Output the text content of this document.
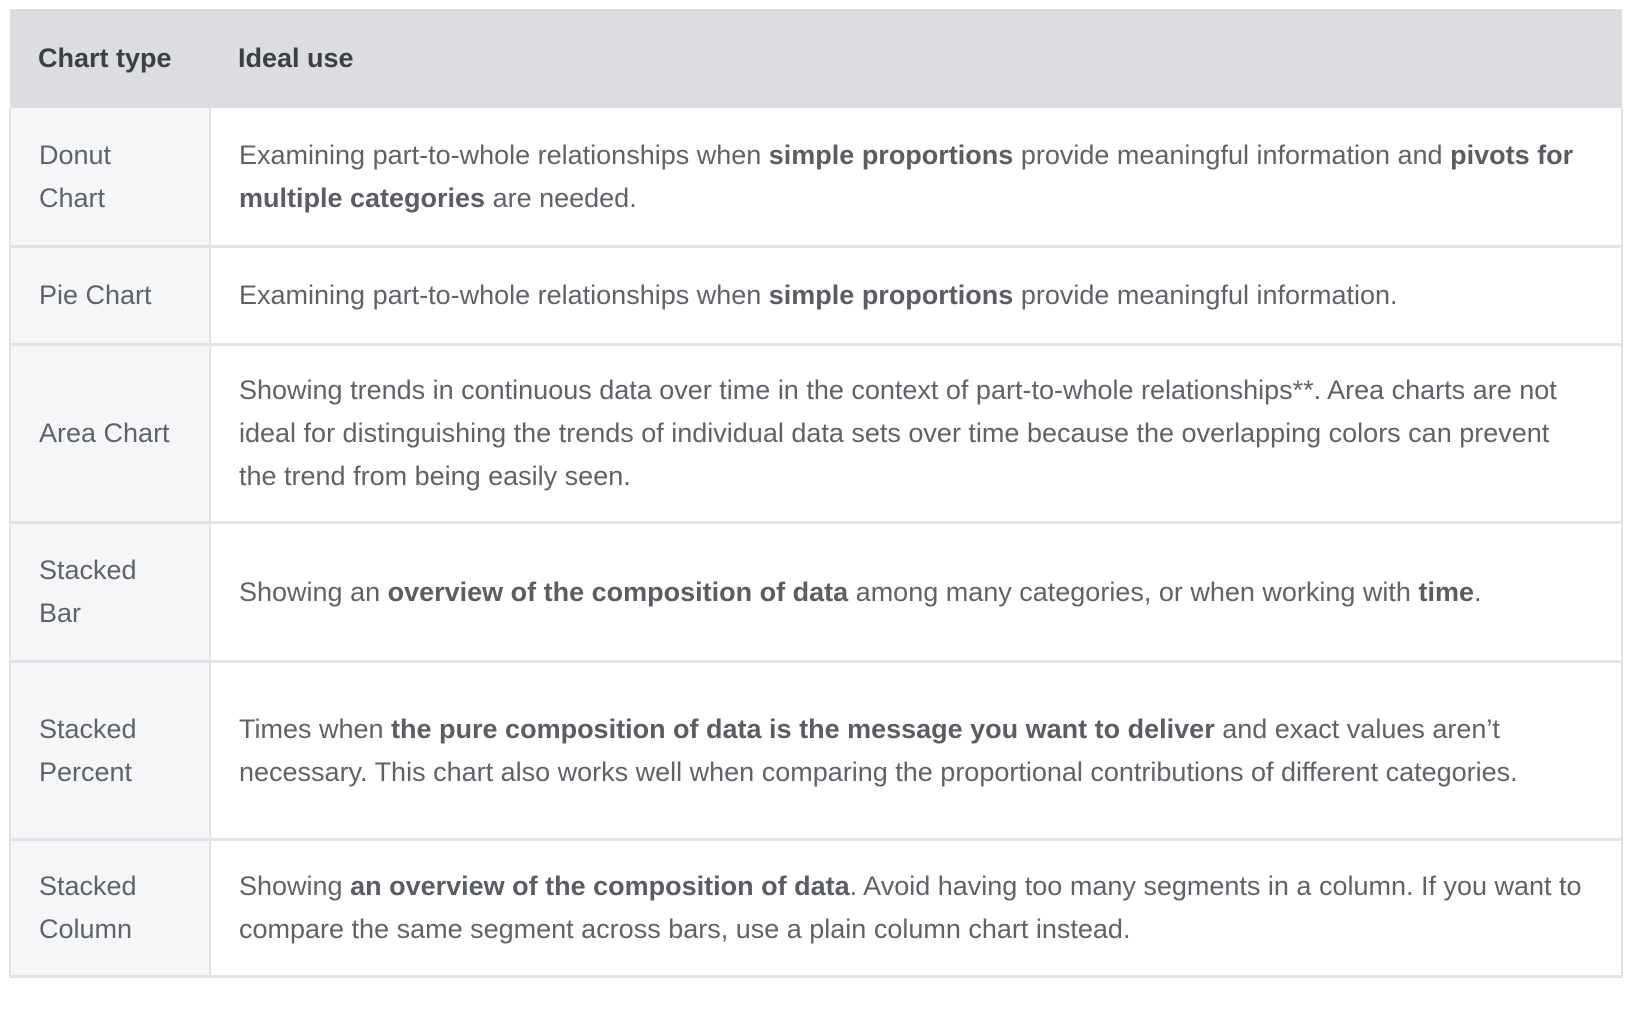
Chart type	Ideal use
Donut Chart	Examining part-to-whole relationships when simple proportions provide meaningful information and pivots for multiple categories are needed.
Pie Chart	Examining part-to-whole relationships when simple proportions provide meaningful information.
Area Chart	Showing trends in continuous data over time in the context of part-to-whole relationships**. Area charts are not ideal for distinguishing the trends of individual data sets over time because the overlapping colors can prevent the trend from being easily seen.
Stacked Bar	Showing an overview of the composition of data among many categories, or when working with time.
Stacked Percent	Times when the pure composition of data is the message you want to deliver and exact values aren’t necessary. This chart also works well when comparing the proportional contributions of different categories.
Stacked Column	Showing an overview of the composition of data. Avoid having too many segments in a column. If you want to compare the same segment across bars, use a plain column chart instead.
